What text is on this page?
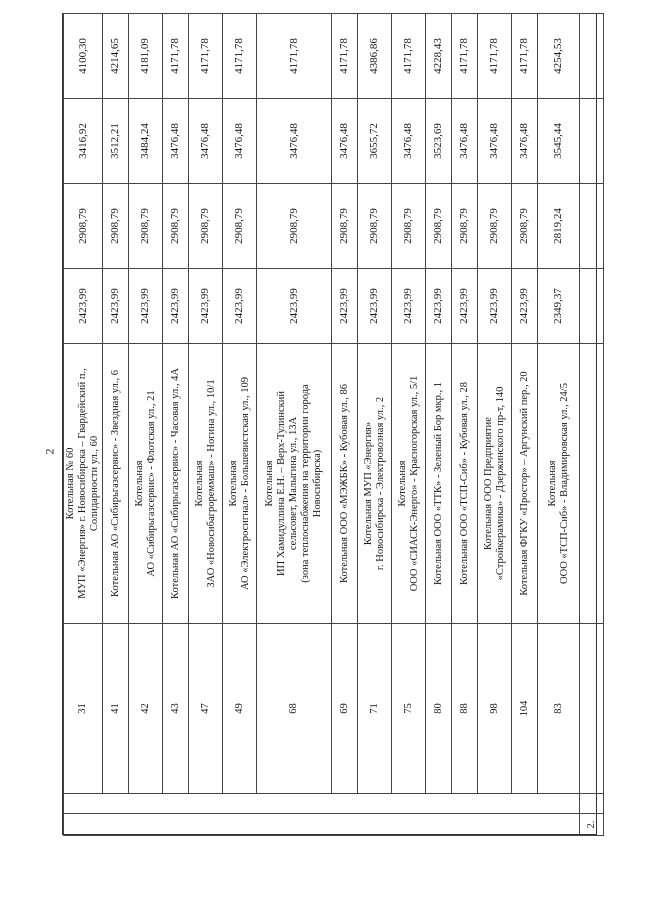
2
		31	Котельная № 60 МУП «Энергия» г. Новосибирска – Гвардейский п., Солидарности ул., 60	2423,99	2908,79	3416,92	4100,30
		41	Котельная АО «Сибирьгазсервис» - Звездная ул., 6	2423,99	2908,79	3512,21	4214,65
		42	Котельная АО «Сибирьгазсервис» - Флотская ул., 21	2423,99	2908,79	3484,24	4181,09
		43	Котельная АО «Сибирьгазсервис» - Часовая ул., 4А	2423,99	2908,79	3476,48	4171,78
		47	Котельная ЗАО «Новосибагрореммаш» - Ногина ул., 10/1	2423,99	2908,79	3476,48	4171,78
		49	Котельная АО «Электросигнал» - Большевистская ул., 109	2423,99	2908,79	3476,48	4171,78
		68	Котельная ИП Хамидуллина Е.Н. – Верх-Тулинский сельсовет, Малыгина ул., 13А (зона теплоснабжения на территории города Новосибирска)	2423,99	2908,79	3476,48	4171,78
		69	Котельная ООО «МЭЖБК» - Кубовая ул., 86	2423,99	2908,79	3476,48	4171,78
		71	Котельная МУП «Энергия» г. Новосибирска - Электровозная ул., 2	2423,99	2908,79	3655,72	4386,86
		75	Котельная ООО «СИАСК-Энерго» - Красногорская ул., 5/1	2423,99	2908,79	3476,48	4171,78
		80	Котельная ООО «ТТК» - Зеленый Бор мкр., 1	2423,99	2908,79	3523,69	4228,43
		88	Котельная ООО «ТСП-Сиб» - Кубовая ул., 28	2423,99	2908,79	3476,48	4171,78
		98	Котельная ООО Предприятие «Стройкерамика» - Дзержинского пр-т, 140	2423,99	2908,79	3476,48	4171,78
		104	Котельная ФГКУ «Простор» – Аргунский пер., 20	2423,99	2908,79	3476,48	4171,78
		83	Котельная ООО «ТСП-Сиб» - Владимировская ул., 24/5	2349,37	2819,24	3545,44	4254,53
2.							
